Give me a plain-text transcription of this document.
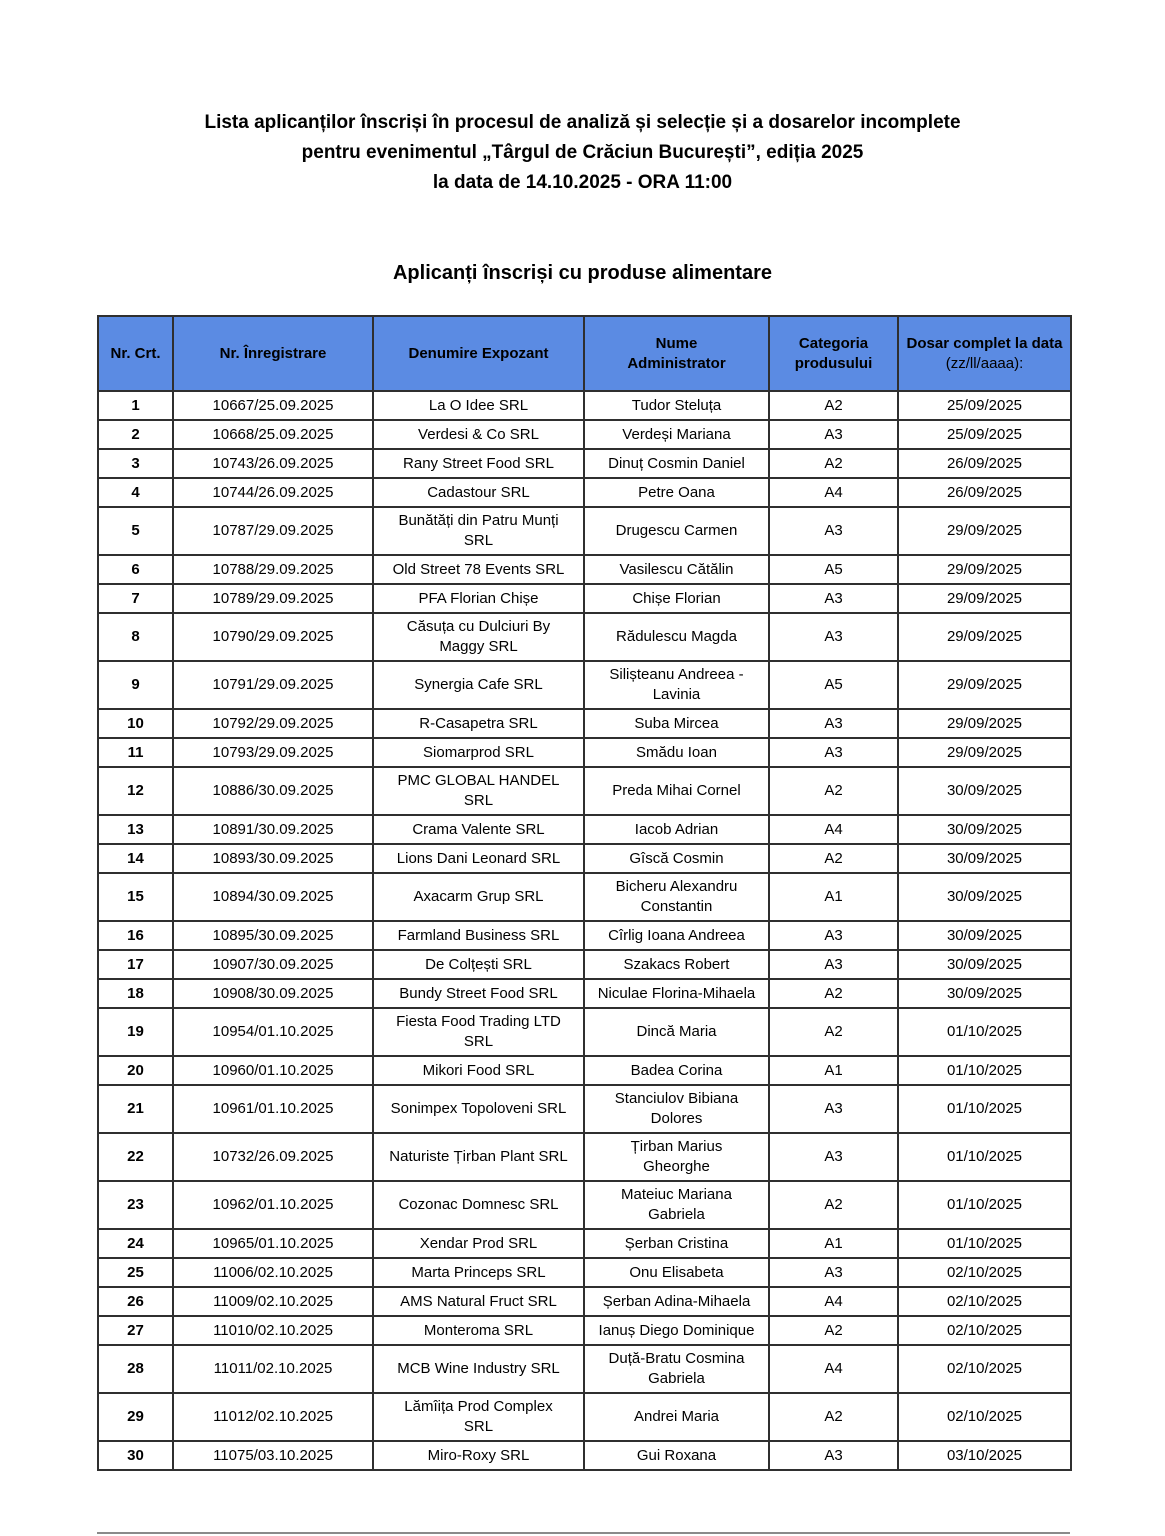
Lista aplicanților înscriși în procesul de analiză și selecție și a dosarelor incomplete
pentru evenimentul „Târgul de Crăciun București”, ediția 2025
la data de 14.10.2025 - ORA 11:00
Aplicanți înscriși cu produse alimentare
Nr. Crt.	Nr. Înregistrare	Denumire Expozant	Nume Administrator	Categoria produsului	Dosar complet la data
(zz/ll/aaaa):

1	10667/25.09.2025	La O Idee SRL	Tudor Steluța	A2	25/09/2025
2	10668/25.09.2025	Verdesi & Co SRL	Verdeși Mariana	A3	25/09/2025
3	10743/26.09.2025	Rany Street Food SRL	Dinuț Cosmin Daniel	A2	26/09/2025
4	10744/26.09.2025	Cadastour SRL	Petre Oana	A4	26/09/2025
5	10787/29.09.2025	Bunătăți din Patru Munți SRL	Drugescu Carmen	A3	29/09/2025
6	10788/29.09.2025	Old Street 78 Events SRL	Vasilescu Cătălin	A5	29/09/2025
7	10789/29.09.2025	PFA Florian Chișe	Chișe Florian	A3	29/09/2025
8	10790/29.09.2025	Căsuța cu Dulciuri By Maggy SRL	Rădulescu Magda	A3	29/09/2025
9	10791/29.09.2025	Synergia Cafe SRL	Silișteanu Andreea - Lavinia	A5	29/09/2025
10	10792/29.09.2025	R-Casapetra SRL	Suba Mircea	A3	29/09/2025
11	10793/29.09.2025	Siomarprod SRL	Smădu Ioan	A3	29/09/2025
12	10886/30.09.2025	PMC GLOBAL HANDEL SRL	Preda Mihai Cornel	A2	30/09/2025
13	10891/30.09.2025	Crama Valente SRL	Iacob Adrian	A4	30/09/2025
14	10893/30.09.2025	Lions Dani Leonard SRL	Gîscă Cosmin	A2	30/09/2025
15	10894/30.09.2025	Axacarm Grup SRL	Bicheru Alexandru Constantin	A1	30/09/2025
16	10895/30.09.2025	Farmland Business SRL	Cîrlig Ioana Andreea	A3	30/09/2025
17	10907/30.09.2025	De Colțești SRL	Szakacs Robert	A3	30/09/2025
18	10908/30.09.2025	Bundy Street Food SRL	Niculae Florina-Mihaela	A2	30/09/2025
19	10954/01.10.2025	Fiesta Food Trading LTD SRL	Dincă Maria	A2	01/10/2025
20	10960/01.10.2025	Mikori Food SRL	Badea Corina	A1	01/10/2025
21	10961/01.10.2025	Sonimpex Topoloveni SRL	Stanciulov Bibiana Dolores	A3	01/10/2025
22	10732/26.09.2025	Naturiste Țirban Plant SRL	Țirban Marius Gheorghe	A3	01/10/2025
23	10962/01.10.2025	Cozonac Domnesc SRL	Mateiuc Mariana Gabriela	A2	01/10/2025
24	10965/01.10.2025	Xendar Prod SRL	Șerban Cristina	A1	01/10/2025
25	11006/02.10.2025	Marta Princeps SRL	Onu Elisabeta	A3	02/10/2025
26	11009/02.10.2025	AMS Natural Fruct SRL	Șerban Adina-Mihaela	A4	02/10/2025
27	11010/02.10.2025	Monteroma SRL	Ianuș Diego Dominique	A2	02/10/2025
28	11011/02.10.2025	MCB Wine Industry SRL	Duță-Bratu Cosmina Gabriela	A4	02/10/2025
29	11012/02.10.2025	Lămîița Prod Complex SRL	Andrei Maria	A2	02/10/2025
30	11075/03.10.2025	Miro-Roxy SRL	Gui Roxana	A3	03/10/2025
